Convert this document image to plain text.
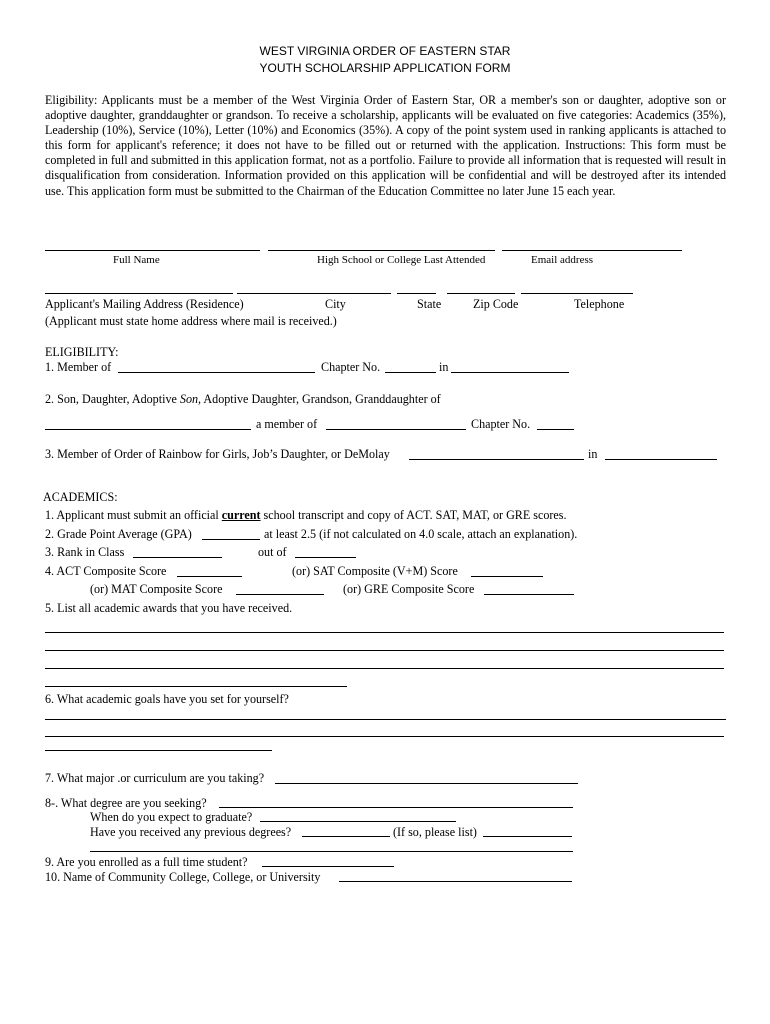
WEST VIRGINIA ORDER OF EASTERN STAR
YOUTH SCHOLARSHIP APPLICATION FORM
Eligibility: Applicants must be a member of the West Virginia Order of Eastern Star, OR a member's son or daughter, adoptive son or adoptive daughter, granddaughter or grandson. To receive a scholarship, applicants will be evaluated on five categories: Academics (35%), Leadership (10%), Service (10%), Letter (10%) and Economics (35%). A copy of the point system used in ranking applicants is attached to this form for applicant's reference; it does not have to be filled out or returned with the application. Instructions: This form must be completed in full and submitted in this application format, not as a portfolio. Failure to provide all information that is requested will result in disqualification from consideration. Information provided on this application will be confidential and will be destroyed after its intended use. This application form must be submitted to the Chairman of the Education Committee no later June 15 each year.
Full Name	High School or College Last Attended	Email address
Applicant's Mailing Address (Residence)	City	State	Zip Code	Telephone
(Applicant must state home address where mail is received.)
ELIGIBILITY:
1. Member of	Chapter No.	in
2. Son, Daughter, Adoptive Son, Adoptive Daughter, Grandson, Granddaughter of
a member of	Chapter No.
3. Member of Order of Rainbow for Girls, Job’s Daughter, or DeMolay	in
ACADEMICS:
1. Applicant must submit an official current school transcript and copy of ACT. SAT, MAT, or GRE scores.
2. Grade Point Average (GPA)	at least 2.5 (if not calculated on 4.0 scale, attach an explanation).
3. Rank in Class	out of
4. ACT Composite Score	(or) SAT Composite (V+M) Score
(or) MAT Composite Score	(or) GRE Composite Score
5. List all academic awards that you have received.
6. What academic goals have you set for yourself?
7. What major .or curriculum are you taking?
8-. What degree are you seeking?
When do you expect to graduate?
Have you received any previous degrees?	(If so, please list)
9. Are you enrolled as a full time student?
10. Name of Community College, College, or University
